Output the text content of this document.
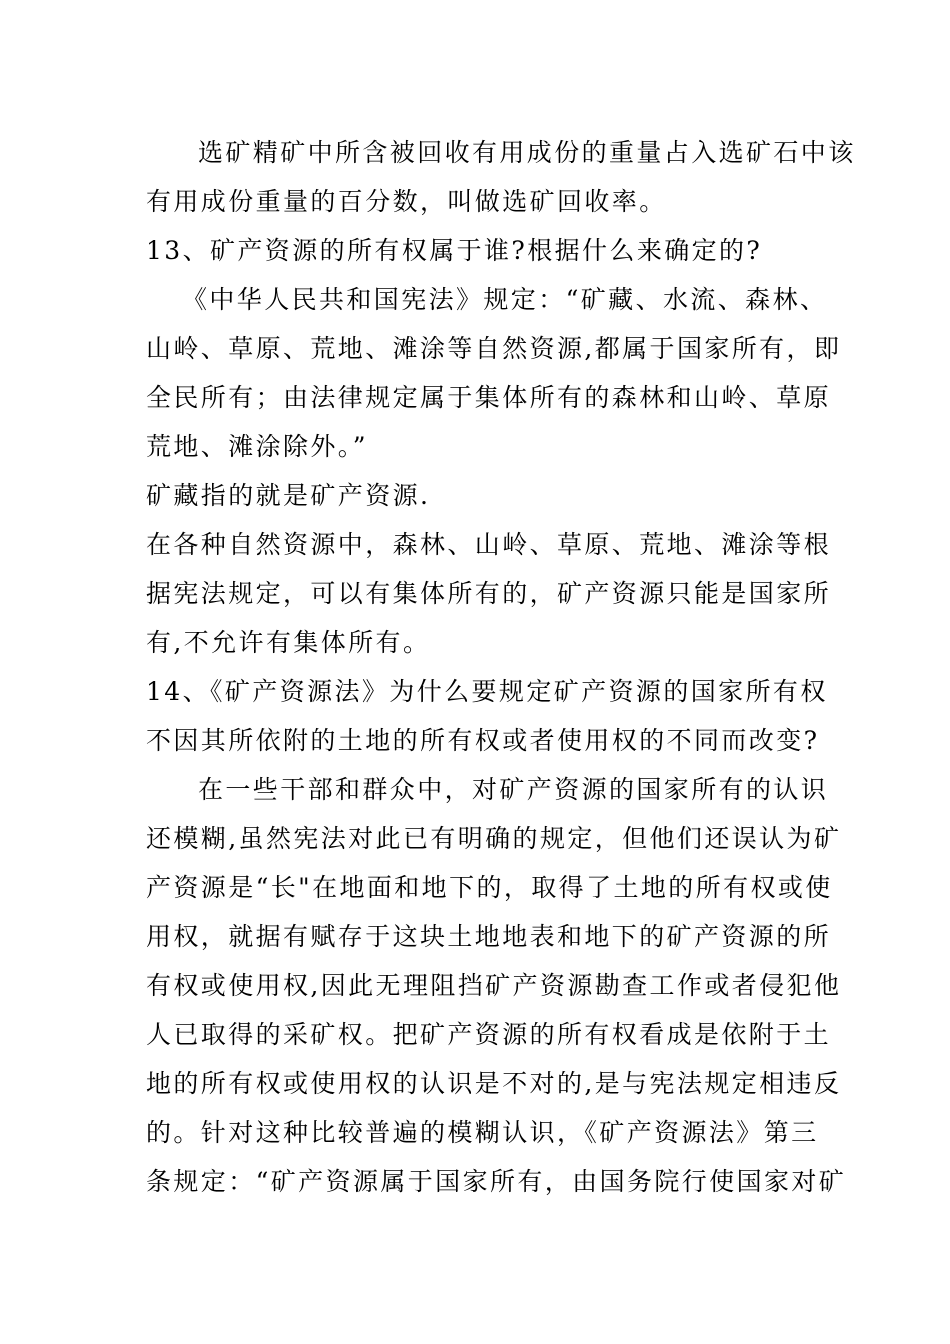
选矿精矿中所含被回收有用成份的重量占入选矿石中该
有用成份重量的百分数，叫做选矿回收率。
13、矿产资源的所有权属于谁?根据什么来确定的?
《中华人民共和国宪法》规定：“矿藏、水流、森林、
山岭、草原、荒地、滩涂等自然资源,都属于国家所有，即
全民所有；由法律规定属于集体所有的森林和山岭、草原
荒地、滩涂除外。”
矿藏指的就是矿产资源.
在各种自然资源中，森林、山岭、草原、荒地、滩涂等根
据宪法规定，可以有集体所有的，矿产资源只能是国家所
有,不允许有集体所有。
14、《矿产资源法》为什么要规定矿产资源的国家所有权
不因其所依附的土地的所有权或者使用权的不同而改变?
在一些干部和群众中，对矿产资源的国家所有的认识
还模糊,虽然宪法对此已有明确的规定，但他们还误认为矿
产资源是“长"在地面和地下的，取得了土地的所有权或使
用权，就据有赋存于这块土地地表和地下的矿产资源的所
有权或使用权,因此无理阻挡矿产资源勘查工作或者侵犯他
人已取得的采矿权。把矿产资源的所有权看成是依附于土
地的所有权或使用权的认识是不对的,是与宪法规定相违反
的。针对这种比较普遍的模糊认识，《矿产资源法》第三
条规定：“矿产资源属于国家所有，由国务院行使国家对矿
